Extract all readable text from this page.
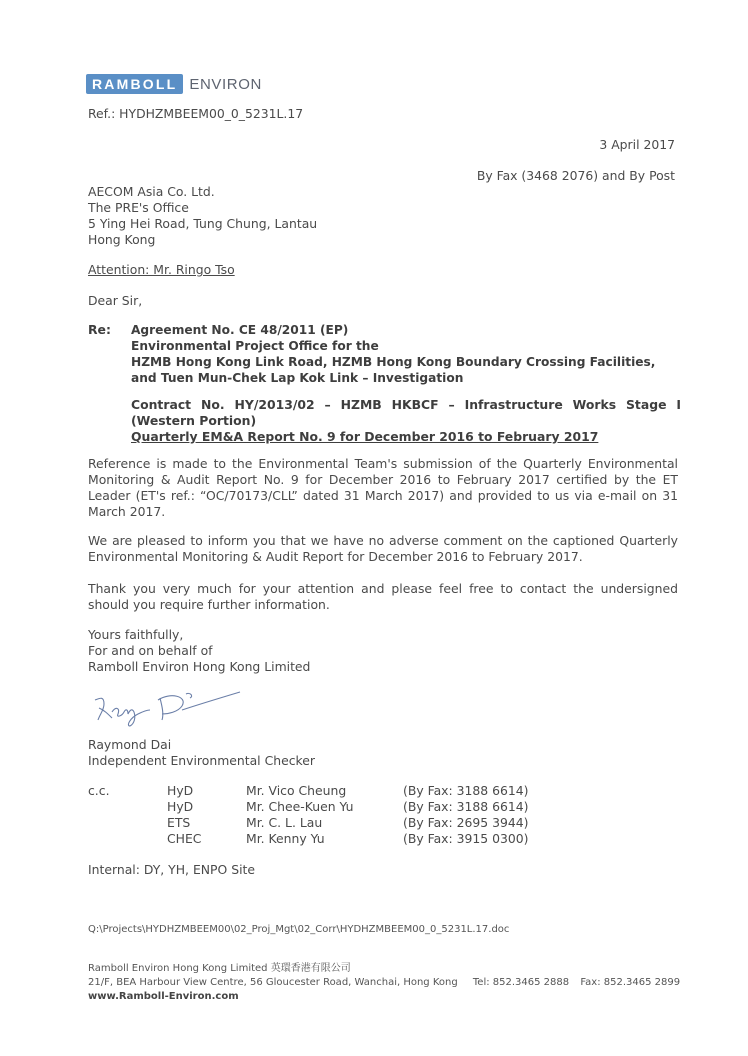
RAMBOLL ENVIRON
Ref.: HYDHZMBEEM00_0_5231L.17
3 April 2017
By Fax (3468 2076) and By Post
AECOM Asia Co. Ltd.
The PRE's Office
5 Ying Hei Road, Tung Chung, Lantau
Hong Kong
Attention: Mr. Ringo Tso
Dear Sir,
Re: Agreement No. CE 48/2011 (EP)
Environmental Project Office for the
HZMB Hong Kong Link Road, HZMB Hong Kong Boundary Crossing Facilities,
and Tuen Mun-Chek Lap Kok Link – Investigation
Contract No. HY/2013/02 – HZMB HKBCF – Infrastructure Works Stage I (Western Portion)
Quarterly EM&A Report No. 9 for December 2016 to February 2017
Reference is made to the Environmental Team's submission of the Quarterly Environmental Monitoring & Audit Report No. 9 for December 2016 to February 2017 certified by the ET Leader (ET's ref.: “OC/70173/CLL” dated 31 March 2017) and provided to us via e-mail on 31 March 2017.
We are pleased to inform you that we have no adverse comment on the captioned Quarterly Environmental Monitoring & Audit Report for December 2016 to February 2017.
Thank you very much for your attention and please feel free to contact the undersigned should you require further information.
Yours faithfully,
For and on behalf of
Ramboll Environ Hong Kong Limited
Raymond Dai
Independent Environmental Checker
c.c.	HyD	Mr. Vico Cheung	(By Fax: 3188 6614)
	HyD	Mr. Chee-Kuen Yu	(By Fax: 3188 6614)
	ETS	Mr. C. L. Lau	(By Fax: 2695 3944)
	CHEC	Mr. Kenny Yu	(By Fax: 3915 0300)
Internal: DY, YH, ENPO Site
Q:\Projects\HYDHZMBEEM00\02_Proj_Mgt\02_Corr\HYDHZMBEEM00_0_5231L.17.doc
Ramboll Environ Hong Kong Limited 英環香港有限公司
21/F, BEA Harbour View Centre, 56 Gloucester Road, Wanchai, Hong Kong Tel: 852.3465 2888 Fax: 852.3465 2899
www.Ramboll-Environ.com
